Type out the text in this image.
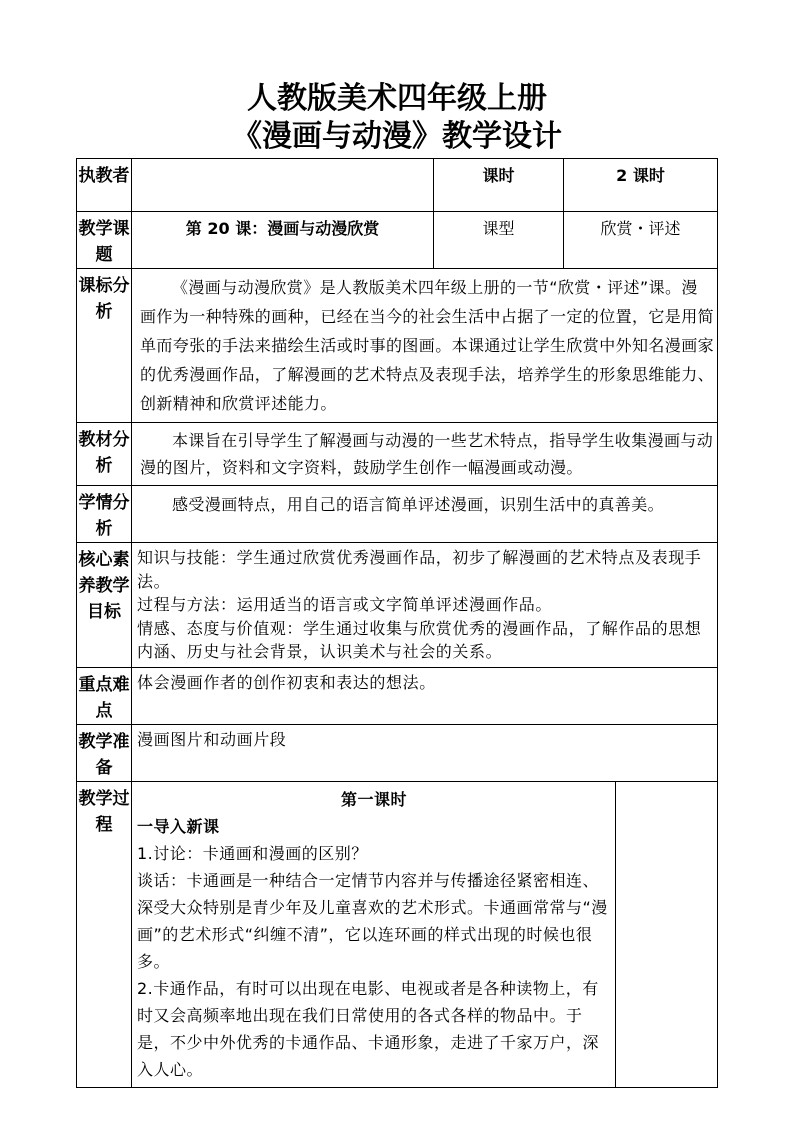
人教版美术四年级上册
《漫画与动漫》教学设计
执教者		课时	2 课时	
教学课题	第 20 课：漫画与动漫欣赏	课型	欣赏・评述	
课标分析	《漫画与动漫欣赏》是人教版美术四年级上册的一节“欣赏・评述”课。漫画作为一种特殊的画种，已经在当今的社会生活中占据了一定的位置，它是用简单而夸张的手法来描绘生活或时事的图画。本课通过让学生欣赏中外知名漫画家的优秀漫画作品，了解漫画的艺术特点及表现手法，培养学生的形象思维能力、创新精神和欣赏评述能力。			
教材分析	本课旨在引导学生了解漫画与动漫的一些艺术特点，指导学生收集漫画与动漫的图片，资料和文字资料，鼓励学生创作一幅漫画或动漫。			
学情分析	感受漫画特点，用自己的语言简单评述漫画，识别生活中的真善美。			
核心素养教学目标	知识与技能：学生通过欣赏优秀漫画作品，初步了解漫画的艺术特点及表现手法。

过程与方法：运用适当的语言或文字简单评述漫画作品。

情感、态度与价值观：学生通过收集与欣赏优秀的漫画作品，了解作品的思想内涵、历史与社会背景，认识美术与社会的关系。			

重点难点	体会漫画作者的创作初衷和表达的想法。			
教学准备	漫画图片和动画片段			
教学过程	第一课时

一导入新课

1.讨论：卡通画和漫画的区别？

谈话：卡通画是一种结合一定情节内容并与传播途径紧密相连、深受大众特别是青少年及儿童喜欢的艺术形式。卡通画常常与“漫画”的艺术形式“纠缠不清”，它以连环画的样式出现的时候也很多。

2.卡通作品，有时可以出现在电影、电视或者是各种读物上，有时又会高频率地出现在我们日常使用的各式各样的物品中。于是，不少中外优秀的卡通作品、卡通形象，走进了千家万户，深入人心。			
